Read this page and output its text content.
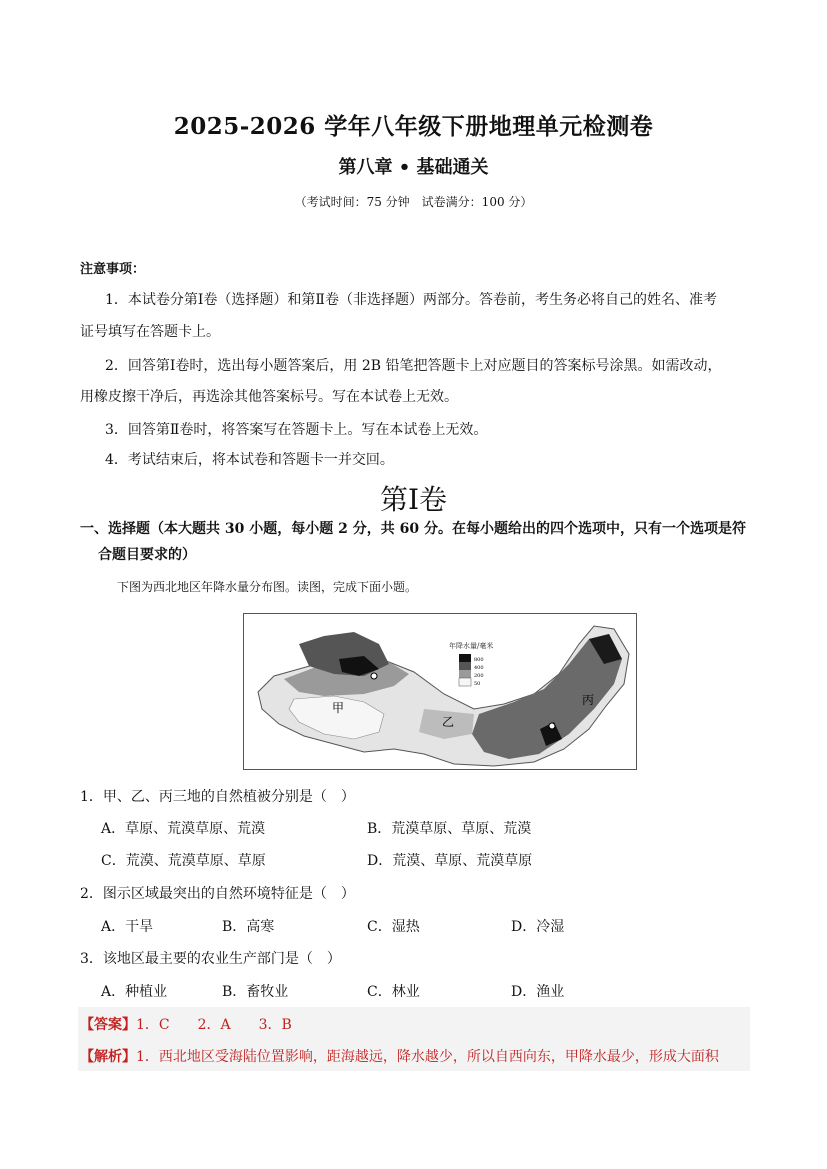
2025-2026 学年八年级下册地理单元检测卷
第八章 • 基础通关
（考试时间：75 分钟　试卷满分：100 分）
注意事项：
1．本试卷分第Ⅰ卷（选择题）和第Ⅱ卷（非选择题）两部分。答卷前，考生务必将自己的姓名、准考
证号填写在答题卡上。
2．回答第Ⅰ卷时，选出每小题答案后，用 2B 铅笔把答题卡上对应题目的答案标号涂黑。如需改动，
用橡皮擦干净后，再选涂其他答案标号。写在本试卷上无效。
3．回答第Ⅱ卷时，将答案写在答题卡上。写在本试卷上无效。
4．考试结束后，将本试卷和答题卡一并交回。
第Ⅰ卷
一、选择题（本大题共 30 小题，每小题 2 分，共 60 分。在每小题给出的四个选项中，只有一个选项是符
合题目要求的）
下图为西北地区年降水量分布图。读图，完成下面小题。
年降水量/毫米
800
400
200
50
甲
乙
丙
1．甲、乙、丙三地的自然植被分别是（　）
A．草原、荒漠草原、荒漠	B．荒漠草原、草原、荒漠
C．荒漠、荒漠草原、草原	D．荒漠、草原、荒漠草原
2．图示区域最突出的自然环境特征是（　）
A．干旱	B．高寒	C．湿热	D．冷湿
3．该地区最主要的农业生产部门是（　）
A．种植业	B．畜牧业	C．林业	D．渔业
【答案】1．C　　2．A　　3．B
【解析】1．西北地区受海陆位置影响，距海越远，降水越少，所以自西向东，甲降水最少，形成大面积
